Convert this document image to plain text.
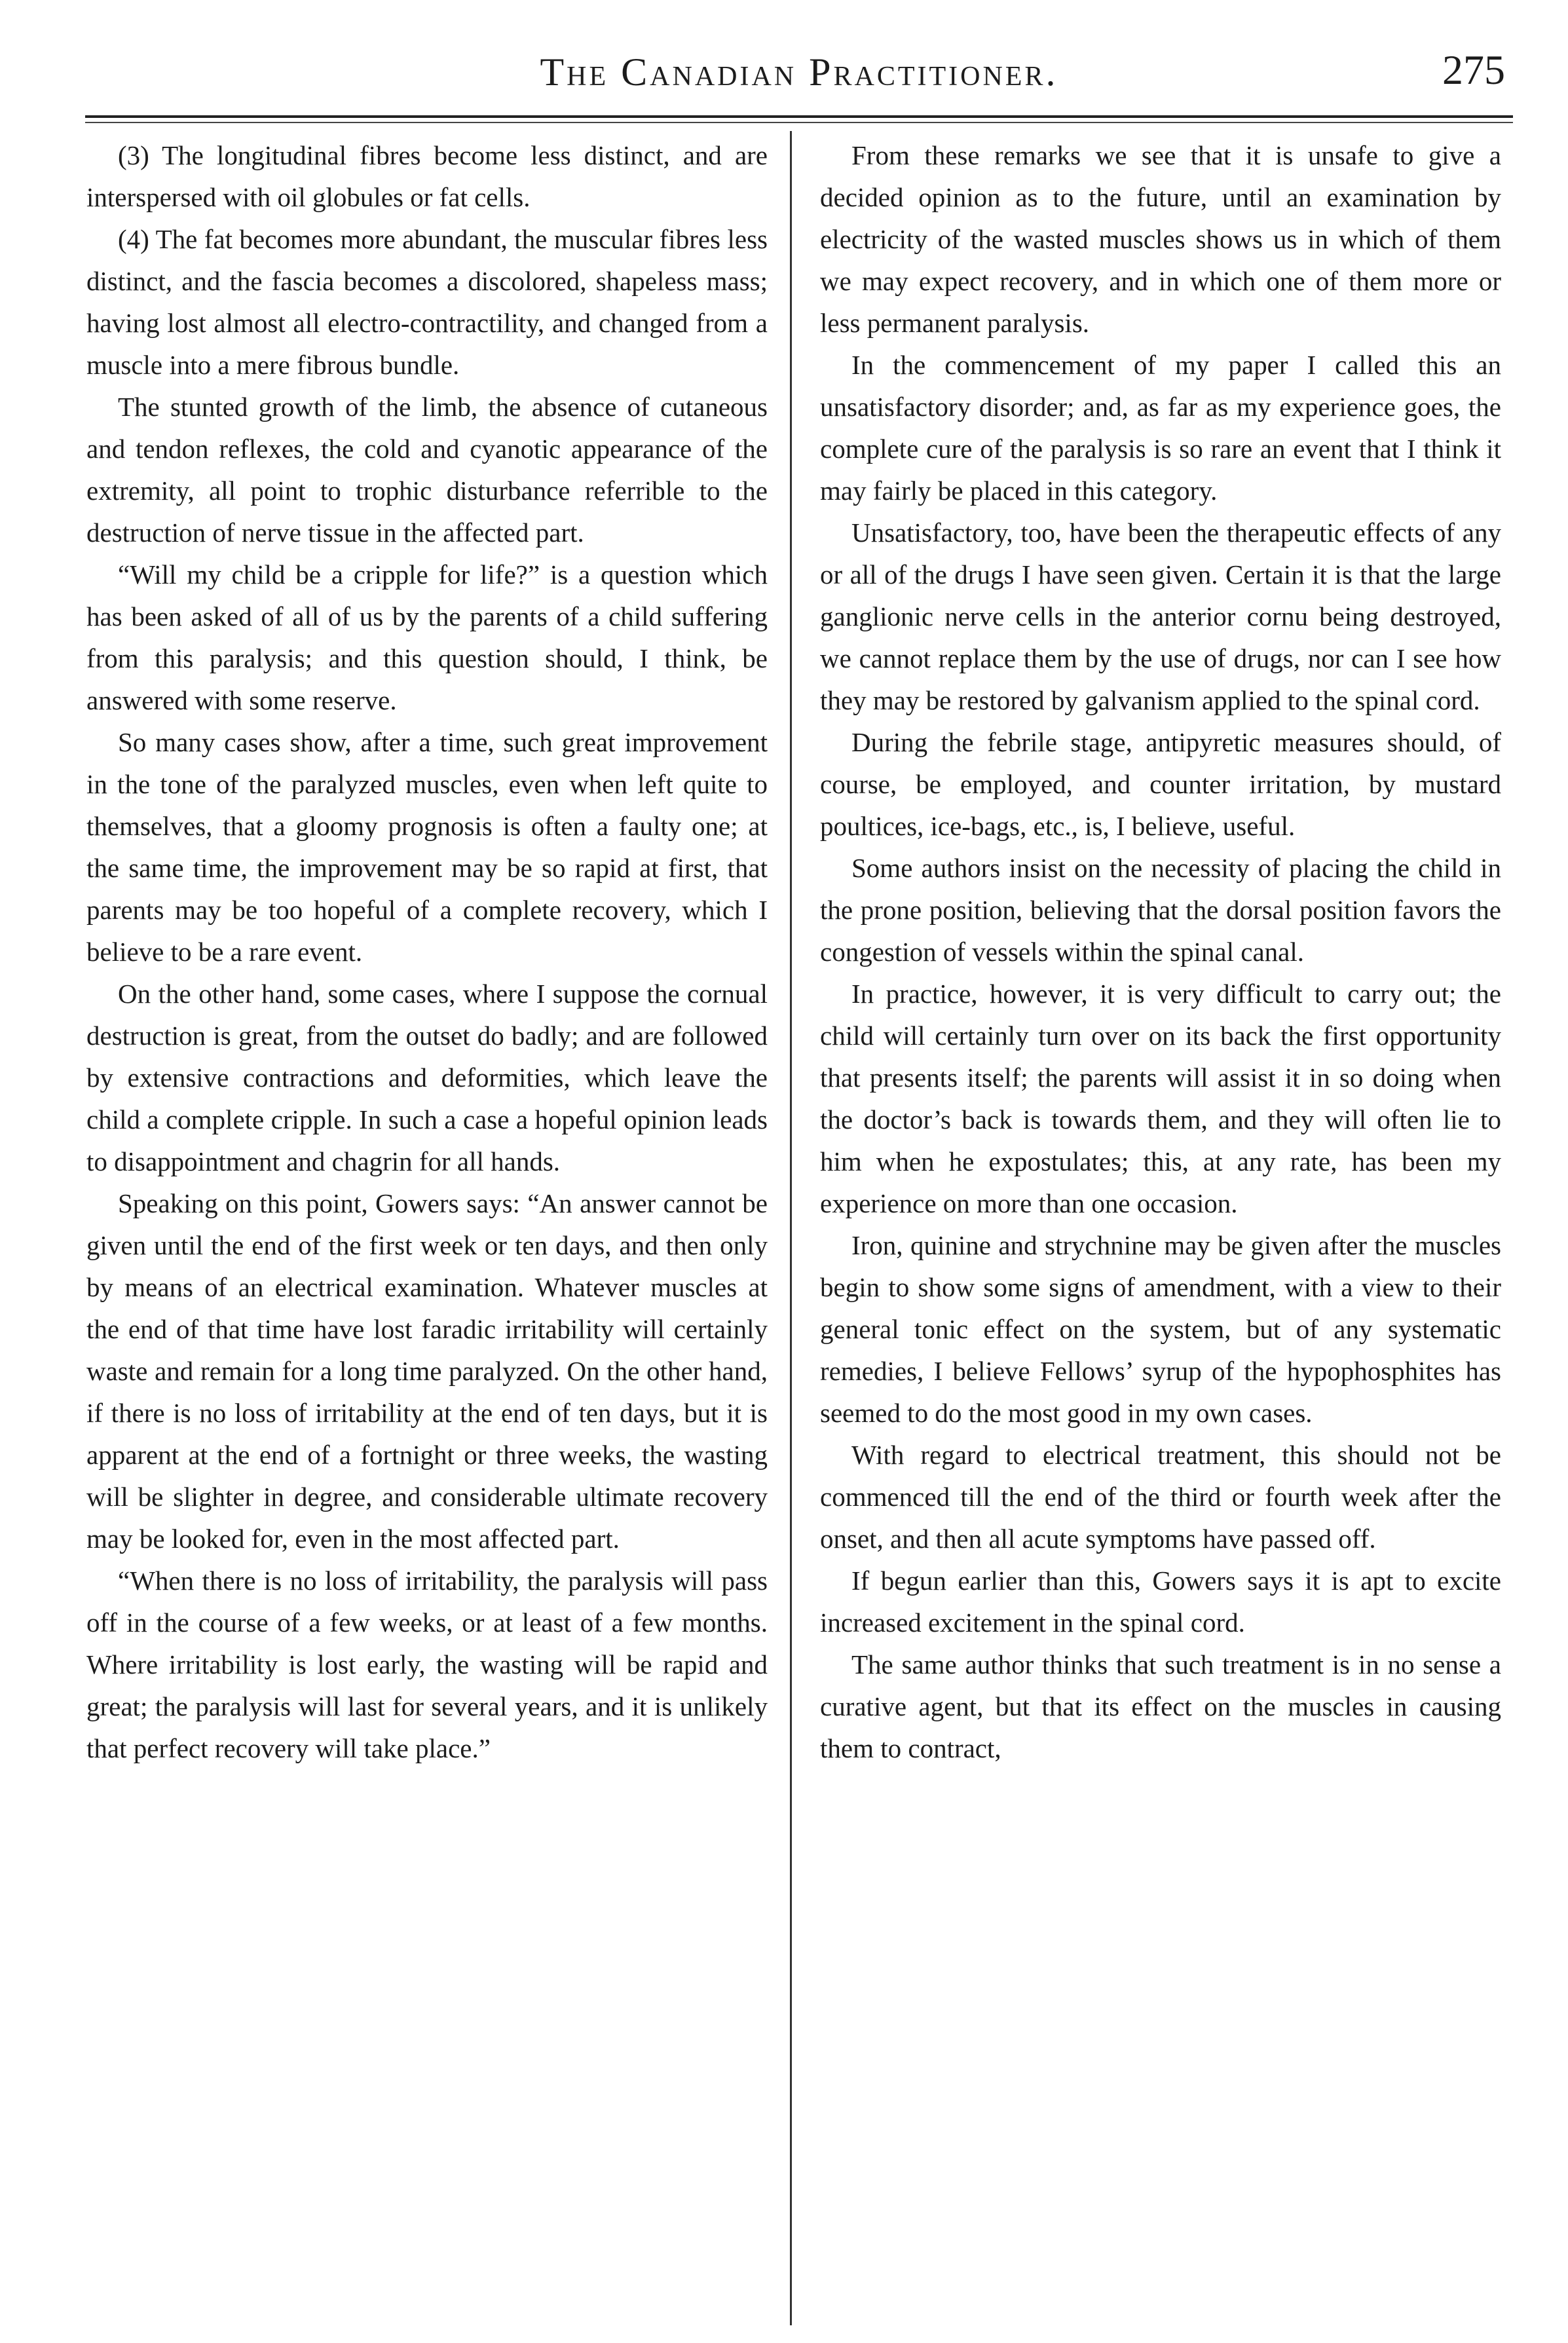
The Canadian Practitioner.	275

(3) The longitudinal fibres become less distinct, and are interspersed with oil globules or fat cells.

(4) The fat becomes more abundant, the muscular fibres less distinct, and the fascia becomes a discolored, shapeless mass; having lost almost all electro-contractility, and changed from a muscle into a mere fibrous bundle.

The stunted growth of the limb, the absence of cutaneous and tendon reflexes, the cold and cyanotic appearance of the extremity, all point to trophic disturbance referrible to the destruction of nerve tissue in the affected part.

“Will my child be a cripple for life?” is a question which has been asked of all of us by the parents of a child suffering from this paralysis; and this question should, I think, be answered with some reserve.

So many cases show, after a time, such great improvement in the tone of the paralyzed muscles, even when left quite to themselves, that a gloomy prognosis is often a faulty one; at the same time, the improvement may be so rapid at first, that parents may be too hopeful of a complete recovery, which I believe to be a rare event.

On the other hand, some cases, where I suppose the cornual destruction is great, from the outset do badly; and are followed by extensive contractions and deformities, which leave the child a complete cripple. In such a case a hopeful opinion leads to disappointment and chagrin for all hands.

Speaking on this point, Gowers says: “An answer cannot be given until the end of the first week or ten days, and then only by means of an electrical examination. Whatever muscles at the end of that time have lost faradic irritability will certainly waste and remain for a long time paralyzed. On the other hand, if there is no loss of irritability at the end of ten days, but it is apparent at the end of a fortnight or three weeks, the wasting will be slighter in degree, and considerable ultimate recovery may be looked for, even in the most affected part.

“When there is no loss of irritability, the paralysis will pass off in the course of a few weeks, or at least of a few months. Where irritability is lost early, the wasting will be rapid and great; the paralysis will last for several years, and it is unlikely that perfect recovery will take place.”

From these remarks we see that it is unsafe to give a decided opinion as to the future, until an examination by electricity of the wasted muscles shows us in which of them we may expect recovery, and in which one of them more or less permanent paralysis.

In the commencement of my paper I called this an unsatisfactory disorder; and, as far as my experience goes, the complete cure of the paralysis is so rare an event that I think it may fairly be placed in this category.

Unsatisfactory, too, have been the therapeutic effects of any or all of the drugs I have seen given. Certain it is that the large ganglionic nerve cells in the anterior cornu being destroyed, we cannot replace them by the use of drugs, nor can I see how they may be restored by galvanism applied to the spinal cord.

During the febrile stage, antipyretic measures should, of course, be employed, and counter irritation, by mustard poultices, ice-bags, etc., is, I believe, useful.

Some authors insist on the necessity of placing the child in the prone position, believing that the dorsal position favors the congestion of vessels within the spinal canal.

In practice, however, it is very difficult to carry out; the child will certainly turn over on its back the first opportunity that presents itself; the parents will assist it in so doing when the doctor’s back is towards them, and they will often lie to him when he expostulates; this, at any rate, has been my experience on more than one occasion.

Iron, quinine and strychnine may be given after the muscles begin to show some signs of amendment, with a view to their general tonic effect on the system, but of any systematic remedies, I believe Fellows’ syrup of the hypophosphites has seemed to do the most good in my own cases.

With regard to electrical treatment, this should not be commenced till the end of the third or fourth week after the onset, and then all acute symptoms have passed off.

If begun earlier than this, Gowers says it is apt to excite increased excitement in the spinal cord.

The same author thinks that such treatment is in no sense a curative agent, but that its effect on the muscles in causing them to contract,
